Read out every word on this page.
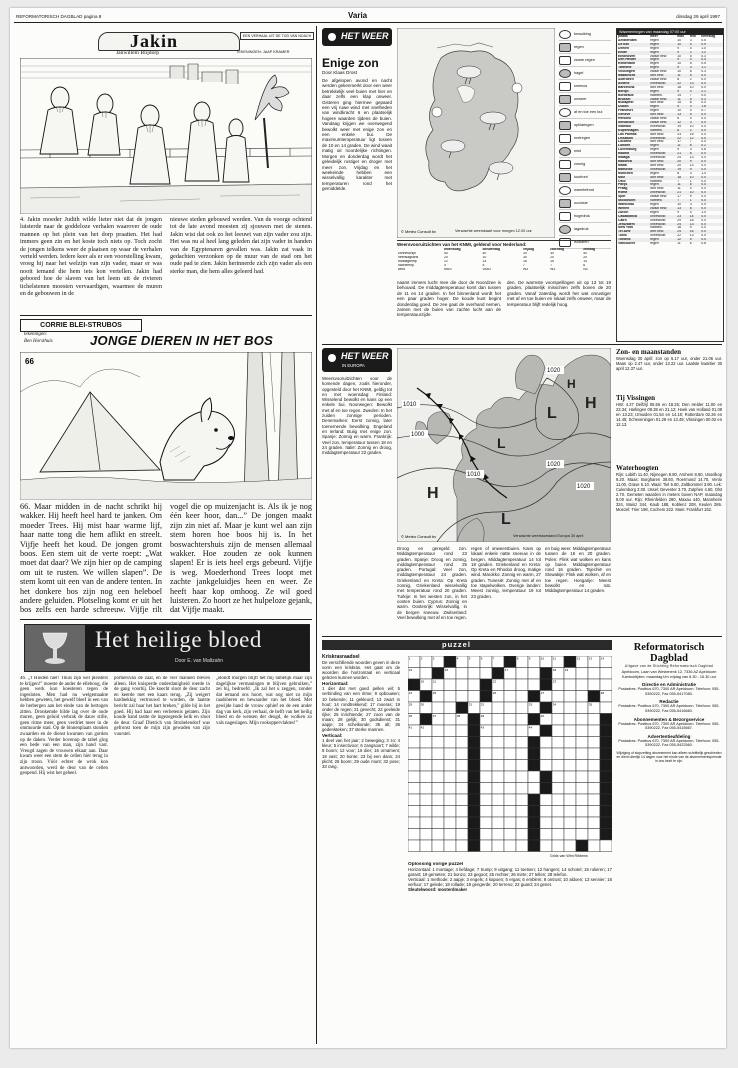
REFORMATORISCH DAGBLAD pagina 8	Varia	dinsdag 29 april 1997
Jakin	EEN VERHAAL UIT DE TIJD VAN NOACH
Janwillem Blijdorp	TEKENINGEN: JAAP KRAMER
4. Jakin moeder Judith wilde lieter niet dat de jongen luisterde naar de goddeloze verhalen waarover de oude mannen op het plein van het dorp praatten. Het had immers geen zin en het koste toch niets op. Toch zocht de jongen telkens weer de plaatsen op waar de verhalen verteld werden. Iedere keer als er een voorstelling kwam, vroeg hij naar het welzijn van zijn vader, maar er was nooit iemand die hem iets kon vertellen. Jakin had geboord hoe de slaven van het leem uit de rivieren tichelstenen moesten vervaardigen, waarmee de muren en de gebouwen in de
nieuwe steden gebouwd werden. Van de voorge ochtend tot de late avond moesten zij sjouwen met de stenen. Jakin wist dat ook zo het leeuwt van zijn vader zou zijn. Het was nu al heel lang geleden dat zijn vader in handen van de Egyptenaren gevallen was. Jakin zat vaak in gedachten verzonken op de muur van de stad om het oude pad te zien. Jakin herinnerde zich zijn vader als een sterke man, die hem alles geleerd had.
CORRIE BLEI-STRUBOS
tekeningen:
Ben Horsthuis	JONGE DIEREN IN HET BOS
66
66. Maar midden in de nacht schrikt hij wakker. Hij heeft heel hard te janken. Om moeder Trees. Hij mist haar warme lijf, haar natte tong die hem aflikt en streelt. Vijfje heeft het koud. De jongen gromt boos. Een stem uit de verte roept: „Wat moet dat daar? We zijn hier op de camping om uit te rusten. We willen slapen”. De stem komt uit een van de andere tenten. In het donkere bos zijn nog een heleboel andere geluiden. Plotseling komt er uit het bos zelfs een harde schreeuw. Vijfje rilt
vogel die op muizenjacht is. Als ik je nog één keer hoor, dan...” De jongen maakt zijn zin niet af. Maar je kunt wel aan zijn stem horen hoe boos hij is. In het boswachtershuis zijn de mensen allemaal wakker. Hoe zouden ze ook kunnen slapen! Er is iets heel ergs gebeurd. Vijfje is weg. Moederhond Trees loopt met zachte jankgeluidjes heen en weer. Ze heeft haar kop omhoog. Ze wil goed luisteren. Zo hoort ze het hulpeloze gejank, dat Vijfje maakt.
Het heilige bloed
Door E. van Maltzahn
46. „'t Hinden niet! Thuis zijn wel pleisters te krijgen!” moeste de ander de elleboog, die geen werk kon koesteren tegen de ingesloten. Men had nu welgemaakte hebben geweten, het gewelf bleef in een van de herbergen aan het einde van de hertogen zitten. Dronkemde hilde lag over de oude muren, geen geluid verbrak de dauw stille, geen ritme meer, geen verdriet meer in de ommuurde stad. Op de binnenplaats stonden zwaarden en de dienst kwamen van gorden op de daken. Verder bovenop de tabel ging een bede van een man, zijn hand vast. Vreugd zagen de vrouwen elkaar aan. Daar kwam weer een stem de cellen hier terug in zijn troon. Vóór echter de wrok kon antwoorden, werd de deur van de cellen geopend. Hij wist het geheel.
portiersvan de zaal, en de vier mannen bleven alleen. Het knisperde onderdanigheid roerde in de gang voorbij. De knecht sloot de deur zacht en keerde met een kaars terug. „Zij weigert hardnekkig vertrouwd te worden, de laatste bericht zal haar het hart breken,” gilde hij in het goed. Hij had haar een verbetenis gelaten. Zijn koude hand tastte de ingezegende kelk en sloot de deur. Graaf Dietrich van Strubelendorf was gefronst toen de mijn zijn gewaden van zijn vuurstel.
„Bondt morgen blijft het mij tamelijk maar zijn dagelijkse vermaningen te blijven gebruiken,” zei hij, bedroefd. „Ik zal het u zeggen, zonder dat iemand ons hoort, wat nog niet zo mijn raadsheren en bewaarder van het bloed. Met gewijde hand de vrouw ophief en de een ander dag van kerk, zijn verhaal, de helft van het heilig bloed en de wensen der deugd, de wolken zo vals nageslagen. Mijn rookoppervlaktes!”
HET WEER
Enige zon
Door Klaas Drost
De afgelopen avond en nacht werden gekenmerkt door een weer betrekkelijk veel buien met hier en daar zelfs een klap onweer. Gisteren ging hiermee gepaard een vrij ruwe wind met snelheden van windkracht 6 en plaatselijk hogere waarden tijdens de buien. Vandaag krijgen we overwegend bewolkt weer met enige zon en een enkele bui. De maximumtemperatuur ligt tussen de 10 en 14 graden. De wind waait matig uit noordelijke richtingen. Morgen en donderdag wordt het geleidelijk rustiger en droger met meer zon. Vrijdag en het weekeinde hebben een wisselvallig karakter met temperaturen rond het gemiddelde.
© Meteo Consult bv	Verwachte weerskaart voor morgen 12.00 uur
bewolking
regen
zware regen
hagel
sneeuw
onweer
af en toe een bui
opklaringen
motregen
mist
zonnig
koufront
warmtefront
occlusie
hogedruk
lagedruk
isobaren
Weersvooruitzichten van het KNMI, geldend voor Nederland:
	woensdag	donderdag	vrijdag	zaterdag	zondag
zonneschijn	40	40	30	30	40
neerslagkans	20	10	30	20	20
middagtemp.	12	14	16	15	14
nachttemp.	4	5	7	7	6
wind	NW3	VAR2	W3	W3	N3
naamt immers lucht mee die door de Noordzee is behouwd. De middagtemperatuur komt dan tussen de 11 en 14 graden. In het binnenland wordt het een paar graden hoger. De koude kust begint donderdag goed. De zee gaat de overhand nemen, zamen met de buien van zachte lucht aan de temperatuurzijde.
den. De warmste voorspellingen uit op 13 tot 19 graden, plaatselijk misschien zelfs boven de 20 graden. Vanaf zaterdag wordt het wat onrustiger met af en toe buien en lokaal zelfs onweer, maar de temperatuur blijft redelijk hoog.
Waarnemingen van maandag 07:00 uur
plaats	weer	max	min	neerslag
Amsterdam	regen	10	3	0.5
De Bilt	regen	10	4	0.9
Deelen	regen	9	4	1.0
Eelde	regen	9	2	1.2
Eindhoven	zwaar bew.	10	5	0.3
Den Helder	regen	9	4	0.4
Rotterdam	regen	10	5	0.5
Twenthe	regen	9	3	1.1
Vlissingen	zwaar bew.	10	6	0.3
Maastricht	licht bew.	11	5	0.0
Aberdeen	zwaar bew.	8	2	0.0
Athene	onbewolkt	22	13	0.0
Barcelona	licht bew.	18	10	0.0
Berlijn	regen	9	4	2.1
Bordeaux	halfbew.	14	7	0.0
Brussel	zwaar bew.	11	5	0.3
Budapest	licht bew.	15	6	0.0
Dublin	regen	9	3	1.8
Frankfurt	regen	10	4	0.7
Genève	licht bew.	13	5	0.0
Helsinki	zwaar bew.	6	0	0.0
Innsbruck	zwaar bew.	12	3	0.0
Istanbul	onbewolkt	19	10	0.0
Kopenhagen	halfbew.	8	2	0.0
Las Palmas	licht bew.	23	16	0.0
Lissabon	onbewolkt	22	12	0.0
Locarno	licht bew.	17	7	0.0
Londen	regen	11	6	0.2
Luxemburg	regen	9	3	0.6
Madrid	onbewolkt	21	8	0.0
Malaga	onbewolkt	24	13	0.0
Mallorca	licht bew.	20	9	0.0
Malta	licht bew.	20	13	0.0
Marseille	onbewolkt	19	9	0.0
München	regen	8	3	1.4
Nice	licht bew.	18	10	0.0
Oslo	halfbew.	7	1	0.0
Parijs	regen	11	6	0.4
Praag	licht bew.	11	4	0.0
Rome	onbewolkt	21	10	0.0
Split	zwaar bew.	17	9	0.0
Stockholm	halfbew.	7	1	0.0
Warschau	regen	10	3	0.9
Wenen	zwaar bew.	13	6	0.0
Zürich	regen	9	4	1.0
Casablanca	onbewolkt	23	14	0.0
Cairo	onbewolkt	29	18	0.0
Jeruzalem	onbewolkt	24	13	0.0
New York	halfbew.	18	9	0.0
Tel Aviv	licht bew.	24	16	0.0
Tunis	onbewolkt	22	13	0.0
Toronto	regen	12	5	0.4
Vancouver	regen	11	6	0.8
HET WEER
IN EUROPA
Weersvooruitzichten voor de komende dagen, zoals hieronder, opgesteld door het KNMI, geldig tot en met woensdag: Finland: Wisselend bewolkt en kans op een enkele bui. Noorwegen: Bewolkt met af en toe regen. Zweden: In het zuiden zonnige perioden. Denemarken: Eerst zonnig, later toenemende bewolking. Engeland en Ierland: Buiig met enige zon. Spanje: Zonnig en warm. Frankrijk: Veel zon, temperatuur tussen 18 en 24 graden. Italië: Zonnig en droog, middagtemperatuur 22 graden.
H
L
H
H
L
L
1010
1020
1000
1020
1010
1020
© Meteo Consult bv	Verwachte weerstoestand Europa 30 april
Droog en geregeld zon. Middagtemperatuur rond 23 graden. Spanje: Droog en zonnig, middagtemperatuur rond 25 graden. Portugal: Veel zon, middagtemperatuur 24 graden. Griekenland en Kreta: Op Kreta zonnig, Griekenland wisselvallig met temperatuur rond 20 graden. Turkije: In het westen zon, in het oosten buien. Cyprus: Zonnig en warm. Oostenrijk: Wisselvallig, in de bergen sneeuw. Zwitserland: Veel bewolking met af en toe regen.
regen of onweersbuien. Kans op lokaal enkele natte sneeuw in de bergen. Middagtemperatuur 14 tot 18 graden. Griekenland en Kreta: Op Kreta en Rhodos droog, matige wind. Marokko: Zonnig en warm, 27 graden. Tunesië: Zonnig met af en toe stapelwolken. Overige landen: Meest zonnig, temperatuur 19 tot 23 graden.
en buig weer. Middagtemperatuur tussen de 16 en 20 graden. Polen: Flink wat wolken en kans op buien. Middagtemperatuur rond 16 graden. Tsjechië en Slowakije: Flink wat wolken, af en toe regen. Hongarije: Meest bewolkt en nat. Middagtemperatuur 14 graden.
Zon- en maanstanden
Woensdag 30 april: zon op 6.17 uur, onder 21.06 uur. Maan op 2.47 uur, onder 13.22 uur. Laatste kwartier 30 april 12.37 uur.
Tij Vissingen
HW: 4.27 Delfzijl 05.56 en 18.26; Den Helder 11.00 en 23.34; Harlingen 08.38 en 21.12; Hoek van Holland 01.08 en 13.23; IJmuiden 01.54 en 14.18; Rotterdam 02.26 en 14.45; Scheveningen 01.28 en 13.49; Vlissingen 00.02 en 12.13.
Waterhoogten
Rijn: Lobith 11.40, Nijmegen 8.80, Arnhem 8.60, IJsselkop 9.20. Maas: Borgharen 38.60, Roermond 14.70, Venlo 11.00, Grave 5.10. Waal: Tiel 5.80, Zaltbommel 3.90. Lek: Culemborg 3.00. IJssel: Deventer 3.70, Zutphen 4.60, Olst 2.70. Gemeten waarden in meters boven NAP, maandag 8.00 uur. Rijn: Rheinfelden 280, Maxau 440, Mannheim 324, Mainz 344, Kaub 188, Koblenz 208, Keulen 286. Moezel: Trier 198, Cochem 222. Main: Frankfurt 152.
puzzel
Kriskrasraadsel
De verschillende woorden geven in deze vorm een kriskras. Het gaat om de woorden die horizontaal en verticaal gelezen kunnen worden.
Horizontaal:
1 dier dat met goed pellen wil; 5 verbinding van een ritme; 9 opbouwen; 10 bekende; 11 gekleurd; 13 zwart in hout; 14 rondtrekkend; 17 moeras; 19 onder de regen; 21 gevecht; 22 gevleide rijke; 25 inrichtende; 27 zoon van de maan; 28 gelijk; 30 godsdienst; 31 aapje; 34 scheikunde; 35 alt; 36 gedenkteken; 37 sterke mannen.
Verticaal:
1 deel van het jaar; 2 beweging; 3 zo; 4 kleur; 5 insectivoor; 6 zangsoort; 7 wilde; 8 boom; 12 voor; 15 dier; 16 ornament; 18 vast; 20 bonte; 23 bij een dans; 24 plicht; 26 boom; 29 oude munt; 32 pose; 33 rang.
1	2	3	4	5	6	7	8	9	10	11	12	13	14
15	16	17	18	19
20	21	22	23
24	25	26	27	28
29	30	31	32	33	34	35
36	37	38	39	40
41	42	43	44
Grids van Wim Ribbens
Oplossing vorige puzzel
Horizontaal: 1 montage; 4 liefdage; 7 trump; 9 uitgang; 11 toetsen; 12 hangers; 14 schotel; 15 rolieren; 17 garant; 19 gemeten; 21 bonzo; 23 gegoot; 25 rechter; 26 mirte; 27 tellen; 28 telefon.
Verticaal: 1 methode; 2 aapje; 3 engels; 4 kapoen; 5 ergas; 6 emblem; 8 ontrust; 10 aldoen; 13 sennier; 16 verfuur; 17 gelede; 18 rollade; 19 gengerde; 20 terreno; 22 guard; 24 genet.
Sleutelwoord: mosterdmaker
Reformatorisch Dagblad
Uitgave van de Stichting Reformatorisch Dagblad
Apeldoorn, Laan van Westenenk 12, 7336 AZ Apeldoorn
Kantoortijden: maandag t/m vrijdag van 8.30 - 16.30 uur
Directie en Administratie
Postadres: Postbus 670, 7300 AR Apeldoorn. Telefoon: 055-5390222, Fax 055-5417083.
Redactie
Postadres: Postbus 670, 7300 AR Apeldoorn. Telefoon: 055-5390222, Fax 055-5416660.
Abonnementen & Bezorgservice
Postadres: Postbus 670, 7300 AR Apeldoorn. Telefoon: 055-5390222, Fax 055-5415667.
Advertentieafdeling
Postadres: Postbus 670, 7300 AR Apeldoorn. Telefoon: 055-5390222, Fax 055-5422560.
Wijziging of stopzetting abonnement kan alleen schriftelijk geschieden en dient uiterlijk 14 dagen voor het einde van de abonnementsperiode in ons bezit te zijn.
